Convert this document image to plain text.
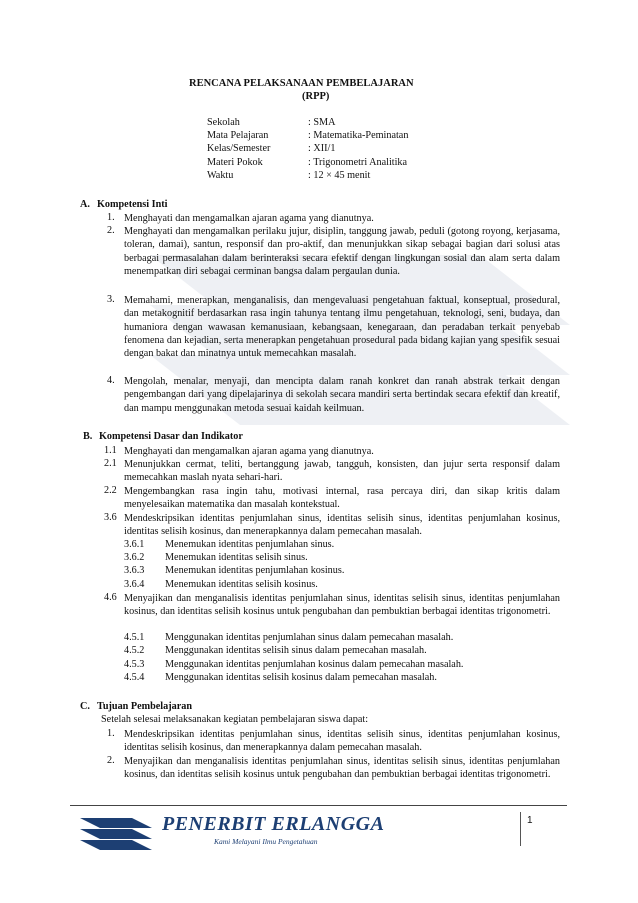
RENCANA PELAKSANAAN PEMBELAJARAN
(RPP)
Sekolah	: SMA
Mata Pelajaran	: Matematika-Peminatan
Kelas/Semester	: XII/1
Materi Pokok	: Trigonometri Analitika
Waktu	: 12 × 45 menit
A. Kompetensi Inti
1. Menghayati dan mengamalkan ajaran agama yang dianutnya.
2. Menghayati dan mengamalkan perilaku jujur, disiplin, tanggung jawab, peduli (gotong royong, kerjasama, toleran, damai), santun, responsif dan pro-aktif, dan menunjukkan sikap sebagai bagian dari solusi atas berbagai permasalahan dalam berinteraksi secara efektif dengan lingkungan sosial dan alam serta dalam menempatkan diri sebagai cerminan bangsa dalam pergaulan dunia.
3. Memahami, menerapkan, menganalisis, dan mengevaluasi pengetahuan faktual, konseptual, prosedural, dan metakognitif berdasarkan rasa ingin tahunya tentang ilmu pengetahuan, teknologi, seni, budaya, dan humaniora dengan wawasan kemanusiaan, kebangsaan, kenegaraan, dan peradaban terkait penyebab fenomena dan kejadian, serta menerapkan pengetahuan prosedural pada bidang kajian yang spesifik sesuai dengan bakat dan minatnya untuk memecahkan masalah.
4. Mengolah, menalar, menyaji, dan mencipta dalam ranah konkret dan ranah abstrak terkait dengan pengembangan dari yang dipelajarinya di sekolah secara mandiri serta bertindak secara efektif dan kreatif, dan mampu menggunakan metoda sesuai kaidah keilmuan.
B. Kompetensi Dasar dan Indikator
1.1 Menghayati dan mengamalkan ajaran agama yang dianutnya.
2.1 Menunjukkan cermat, teliti, bertanggung jawab, tangguh, konsisten, dan jujur serta responsif dalam memecahkan maslah nyata sehari-hari.
2.2 Mengembangkan rasa ingin tahu, motivasi internal, rasa percaya diri, dan sikap kritis dalam menyelesaikan matematika dan masalah kontekstual.
3.6 Mendeskripsikan identitas penjumlahan sinus, identitas selisih sinus, identitas penjumlahan kosinus, identitas selisih kosinus, dan menerapkannya dalam pemecahan masalah.
3.6.1 Menemukan identitas penjumlahan sinus.
3.6.2 Menemukan identitas selisih sinus.
3.6.3 Menemukan identitas penjumlahan kosinus.
3.6.4 Menemukan identitas selisih kosinus.
4.6 Menyajikan dan menganalisis identitas penjumlahan sinus, identitas selisih sinus, identitas penjumlahan kosinus, dan identitas selisih kosinus untuk pengubahan dan pembuktian berbagai identitas trigonometri.
4.5.1 Menggunakan identitas penjumlahan sinus dalam pemecahan masalah.
4.5.2 Menggunakan identitas selisih sinus dalam pemecahan masalah.
4.5.3 Menggunakan identitas penjumlahan kosinus dalam pemecahan masalah.
4.5.4 Menggunakan identitas selisih kosinus dalam pemecahan masalah.
C. Tujuan Pembelajaran
Setelah selesai melaksanakan kegiatan pembelajaran siswa dapat:
1. Mendeskripsikan identitas penjumlahan sinus, identitas selisih sinus, identitas penjumlahan kosinus, identitas selisih kosinus, dan menerapkannya dalam pemecahan masalah.
2. Menyajikan dan menganalisis identitas penjumlahan sinus, identitas selisih sinus, identitas penjumlahan kosinus, dan identitas selisih kosinus untuk pengubahan dan pembuktian berbagai identitas trigonometri.
PENERBIT ERLANGGA
Kami Melayani Ilmu Pengetahuan
1
